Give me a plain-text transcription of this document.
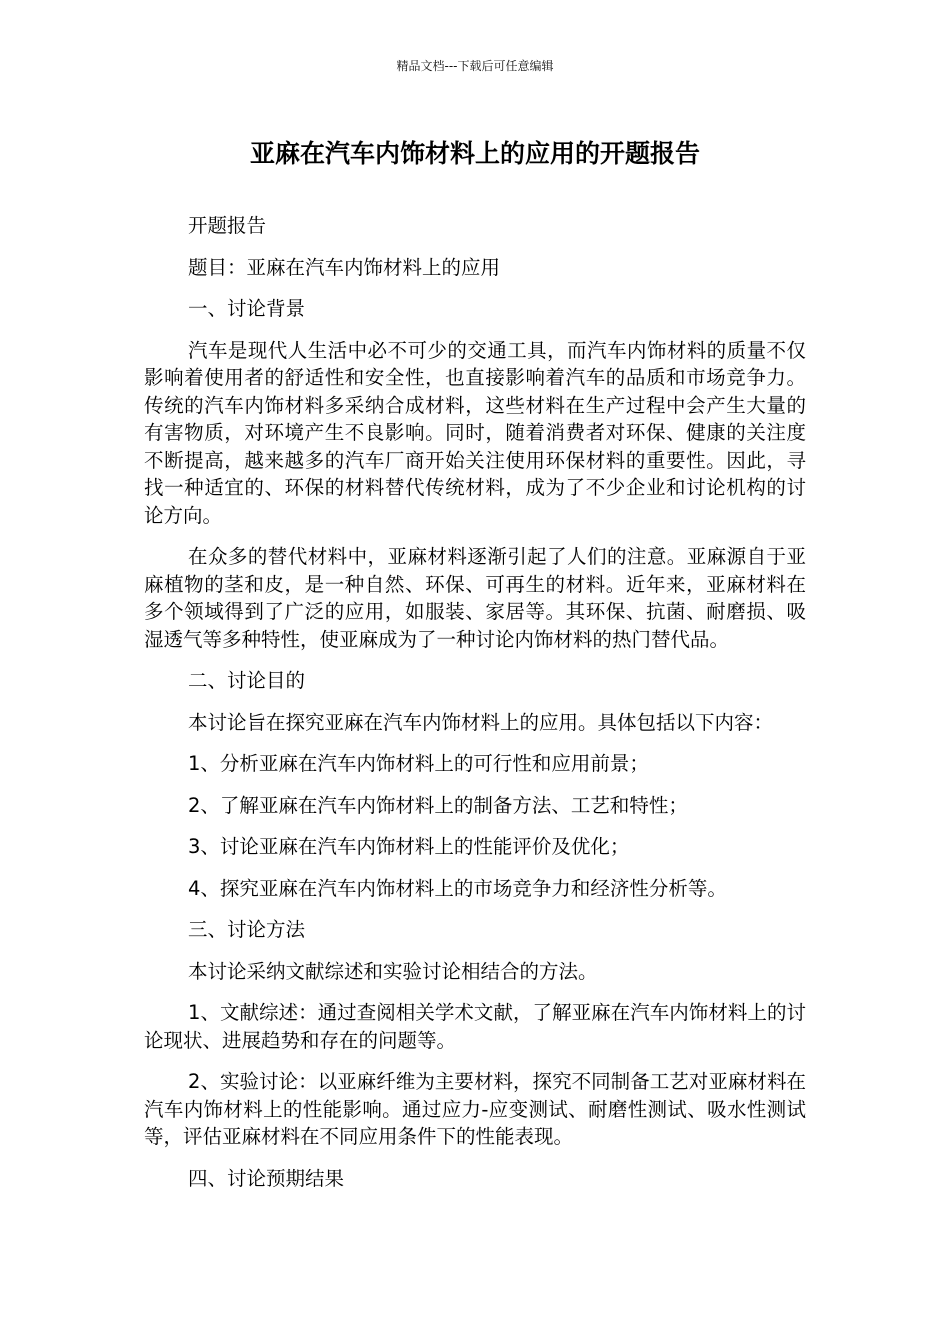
精品文档---下载后可任意编辑
亚麻在汽车内饰材料上的应用的开题报告

开题报告

题目：亚麻在汽车内饰材料上的应用

一、讨论背景

汽车是现代人生活中必不可少的交通工具，而汽车内饰材料的质量不仅影响着使用者的舒适性和安全性，也直接影响着汽车的品质和市场竞争力。传统的汽车内饰材料多采纳合成材料，这些材料在生产过程中会产生大量的有害物质，对环境产生不良影响。同时，随着消费者对环保、健康的关注度不断提高，越来越多的汽车厂商开始关注使用环保材料的重要性。因此，寻找一种适宜的、环保的材料替代传统材料，成为了不少企业和讨论机构的讨论方向。

在众多的替代材料中，亚麻材料逐渐引起了人们的注意。亚麻源自于亚麻植物的茎和皮，是一种自然、环保、可再生的材料。近年来，亚麻材料在多个领域得到了广泛的应用，如服装、家居等。其环保、抗菌、耐磨损、吸湿透气等多种特性，使亚麻成为了一种讨论内饰材料的热门替代品。

二、讨论目的

本讨论旨在探究亚麻在汽车内饰材料上的应用。具体包括以下内容：

1、分析亚麻在汽车内饰材料上的可行性和应用前景；

2、了解亚麻在汽车内饰材料上的制备方法、工艺和特性；

3、讨论亚麻在汽车内饰材料上的性能评价及优化；

4、探究亚麻在汽车内饰材料上的市场竞争力和经济性分析等。

三、讨论方法

本讨论采纳文献综述和实验讨论相结合的方法。

1、文献综述：通过查阅相关学术文献，了解亚麻在汽车内饰材料上的讨论现状、进展趋势和存在的问题等。

2、实验讨论：以亚麻纤维为主要材料，探究不同制备工艺对亚麻材料在汽车内饰材料上的性能影响。通过应力-应变测试、耐磨性测试、吸水性测试等，评估亚麻材料在不同应用条件下的性能表现。

四、讨论预期结果
